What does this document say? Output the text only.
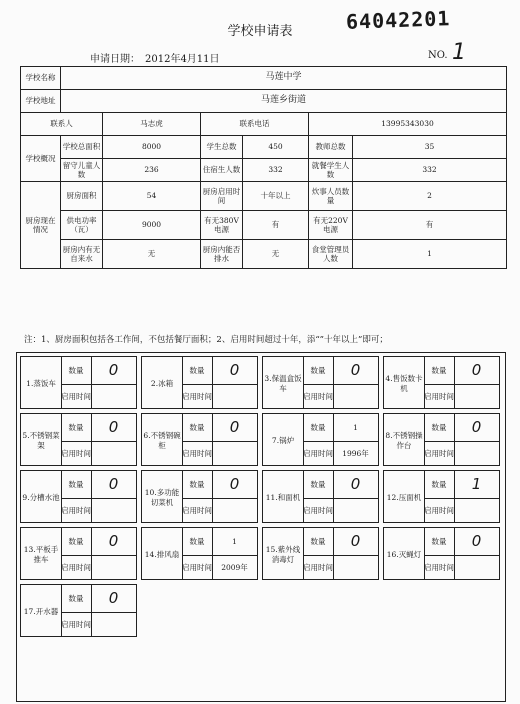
学校申请表	64042201
申请日期：　2012年4月11日	NO. 1
学校名称	马莲中学					
学校地址	马莲乡街道					
联系人		马志虎	联系电话		13995343030	
学校概况	学校总面积	8000	学生总数	450	教师总数	35
	留守儿童人数	236	住宿生人数	332	就餐学生人数	332
厨房现在情况	厨房面积	54	厨房启用时间	十年以上	炊事人员数量	2
	供电功率（瓦）	9000	有无380V电源	有	有无220V电源	有
	厨房内有无自来水	无	厨房内能否排水	无	食堂管理员人数	1
注：1、厨房面积包括各工作间，不包括餐厅面积；2、启用时间超过十年，添“”十年以上”即可；
1.蒸饭车
数量
启用时间
0
2.冰箱
数量
启用时间
0	3.保温盒饭车
数量
启用时间
0	4.售饭数卡机
数量
启用时间
0
5.不锈钢菜架
数量
启用时间
0	6.不锈钢碗柜
数量
启用时间
0
7.锅炉
数量
启用时间
1
1996年
8.不锈钢操作台
数量
启用时间
0
9.分槽水池
数量
启用时间
0	10.多功能切菜机
数量
启用时间
0
11.和面机
数量
启用时间
0
12.压面机
数量
启用时间
1
13.平板手推车
数量
启用时间
0
14.排风扇
数量
启用时间
1
2009年
15.紫外线消毒灯
数量
启用时间
0
16.灭蝇灯
数量
启用时间
0
17.开水器
数量
启用时间
0
